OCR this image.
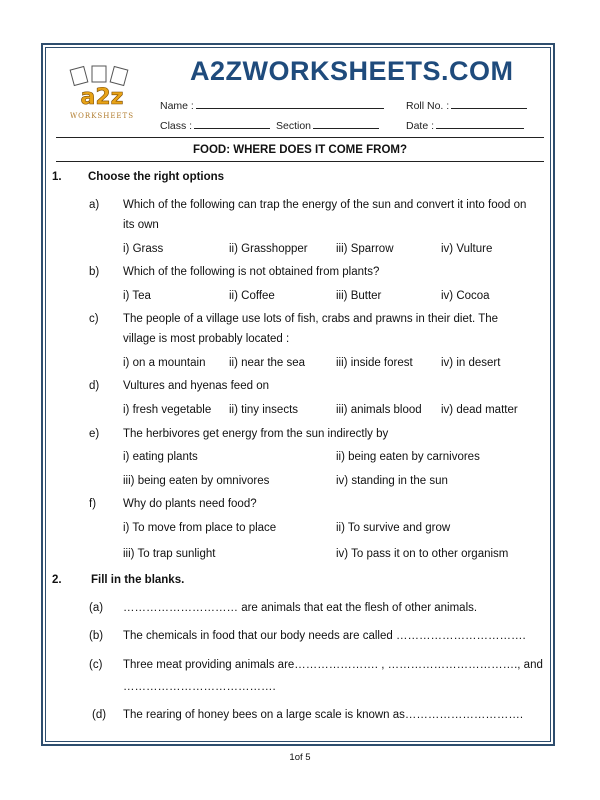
a2z
WORKSHEETS
A2ZWORKSHEETS.COM
Name :	Roll No. :
Class :	Section	Date :
FOOD: WHERE DOES IT COME FROM?
1. Choose the right options
a) Which of the following can trap the energy of the sun and convert it into food on
its own
i) Grass	ii) Grasshopper iii) Sparrow	iv) Vulture
b) Which of the following is not obtained from plants?
i) Tea	ii) Coffee	iii) Butter	iv) Cocoa
c) The people of a village use lots of fish, crabs and prawns in their diet. The
village is most probably located :
i) on a mountain ii) near the sea	iii) inside forest iv) in desert
d) Vultures and hyenas feed on
i) fresh vegetable ii) tiny insects	iii) animals blood iv) dead matter
e) The herbivores get energy from the sun indirectly by
i) eating plants	ii) being eaten by carnivores
iii) being eaten by omnivores	iv) standing in the sun
f) Why do plants need food?
i) To move from place to place	ii) To survive and grow
iii) To trap sunlight	iv) To pass it on to other organism
2.	Fill in the blanks.
(a) ………………………… are animals that eat the flesh of other animals.
(b) The chemicals in food that our body needs are called …………………………….
(c) Three meat providing animals are…………………. , ……………………………., and
………………………………….
(d) The rearing of honey bees on a large scale is known as………………………….
1of 5
